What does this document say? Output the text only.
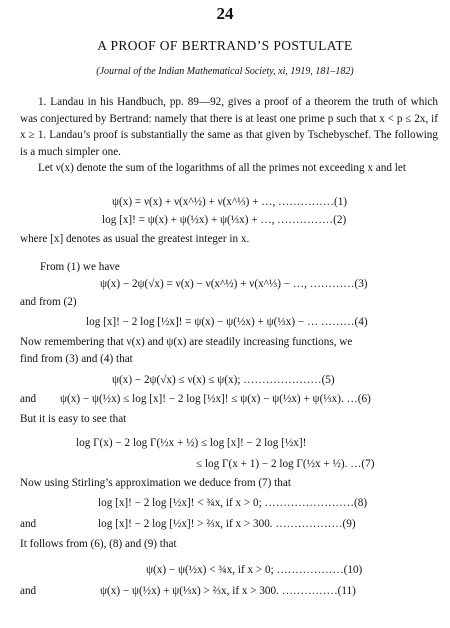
24
A PROOF OF BERTRAND’S POSTULATE
(Journal of the Indian Mathematical Society, xi, 1919, 181–182)
1. Landau in his Handbuch, pp. 89—92, gives a proof of a theorem the truth of which was conjectured by Bertrand: namely that there is at least one prime p such that x < p ≤ 2x, if x ≥ 1. Landau’s proof is substantially the same as that given by Tschebyschef. The following is a much simpler one.
Let ν(x) denote the sum of the logarithms of all the primes not exceeding x and let
ψ(x) = ν(x) + ν(x^½) + ν(x^⅓) + …, ……………(1)
log [x]! = ψ(x) + ψ(½x) + ψ(⅓x) + …, ……………(2)
where [x] denotes as usual the greatest integer in x.
From (1) we have
ψ(x) − 2ψ(√x) = ν(x) − ν(x^½) + ν(x^⅓) − …, …………(3)
and from (2)
log [x]! − 2 log [½x]! = ψ(x) − ψ(½x) + ψ(⅓x) − … ………(4)
Now remembering that ν(x) and ψ(x) are steadily increasing functions, we
find from (3) and (4) that
ψ(x) − 2ψ(√x) ≤ ν(x) ≤ ψ(x); …………………(5)
and ψ(x) − ψ(½x) ≤ log [x]! − 2 log [½x]! ≤ ψ(x) − ψ(½x) + ψ(⅓x). …(6)
But it is easy to see that
log Γ(x) − 2 log Γ(½x + ½) ≤ log [x]! − 2 log [½x]!
≤ log Γ(x + 1) − 2 log Γ(½x + ½). …(7)
Now using Stirling’s approximation we deduce from (7) that
log [x]! − 2 log [½x]! < ¾x, if x > 0; ……………………(8)
and	log [x]! − 2 log [½x]! > ⅔x, if x > 300. ………………(9)
It follows from (6), (8) and (9) that
ψ(x) − ψ(½x) < ¾x, if x > 0; ………………(10)
and	ψ(x) − ψ(½x) + ψ(⅓x) > ⅔x, if x > 300. ……………(11)
